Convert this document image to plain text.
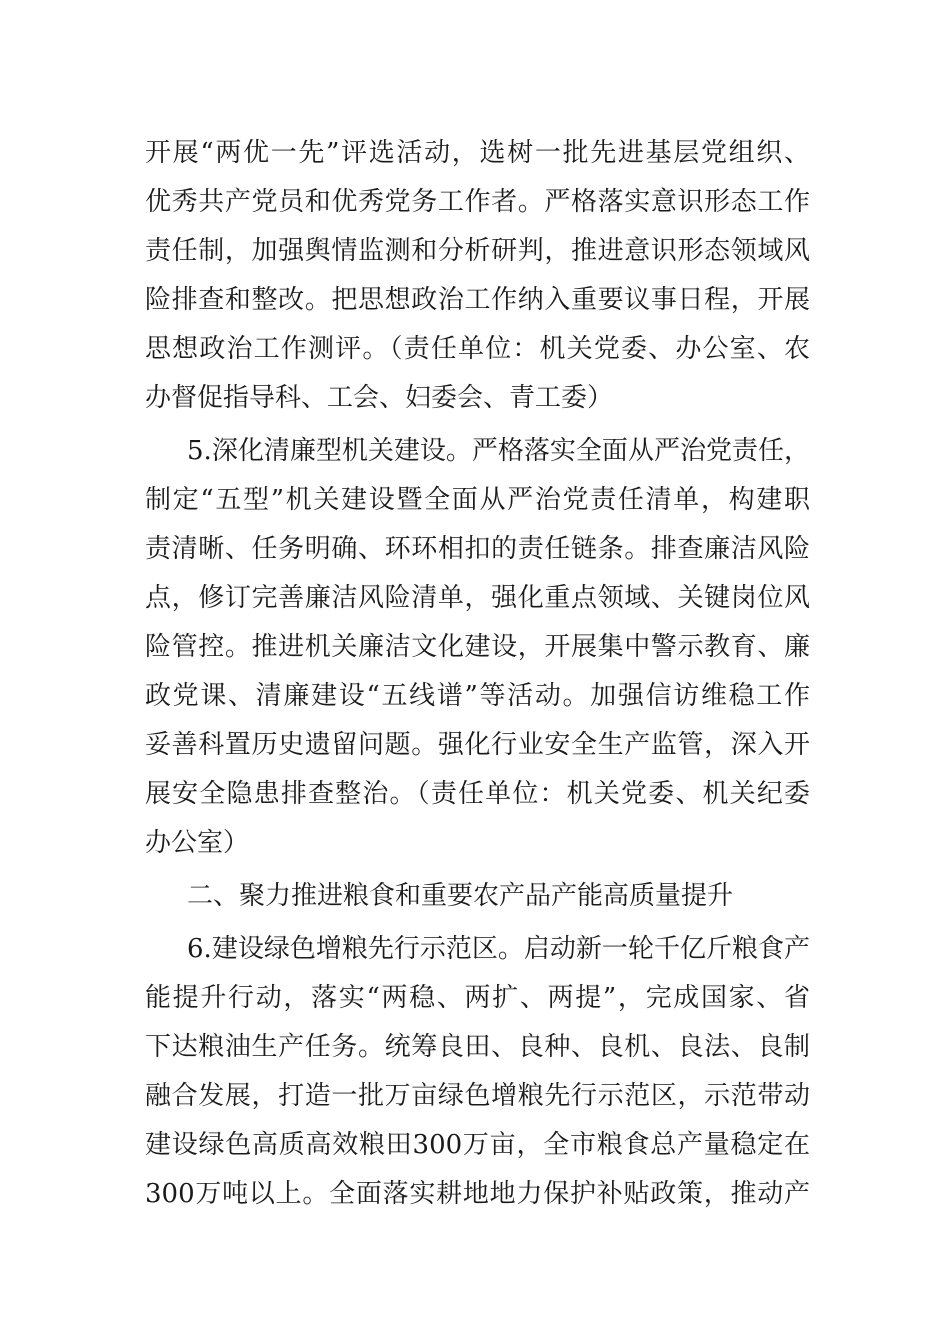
开展“两优一先”评选活动，选树一批先进基层党组织、
优秀共产党员和优秀党务工作者。严格落实意识形态工作
责任制，加强舆情监测和分析研判，推进意识形态领域风
险排查和整改。把思想政治工作纳入重要议事日程，开展
思想政治工作测评。（责任单位：机关党委、办公室、农
办督促指导科、工会、妇委会、青工委）
5.深化清廉型机关建设。严格落实全面从严治党责任，
制定“五型”机关建设暨全面从严治党责任清单，构建职
责清晰、任务明确、环环相扣的责任链条。排查廉洁风险
点，修订完善廉洁风险清单，强化重点领域、关键岗位风
险管控。推进机关廉洁文化建设，开展集中警示教育、廉
政党课、清廉建设“五线谱”等活动。加强信访维稳工作
妥善科置历史遗留问题。强化行业安全生产监管，深入开
展安全隐患排查整治。（责任单位：机关党委、机关纪委
办公室）
二、聚力推进粮食和重要农产品产能高质量提升
6.建设绿色增粮先行示范区。启动新一轮千亿斤粮食产
能提升行动，落实“两稳、两扩、两提”，完成国家、省
下达粮油生产任务。统筹良田、良种、良机、良法、良制
融合发展，打造一批万亩绿色增粮先行示范区，示范带动
建设绿色高质高效粮田300万亩，全市粮食总产量稳定在
300万吨以上。全面落实耕地地力保护补贴政策，推动产
